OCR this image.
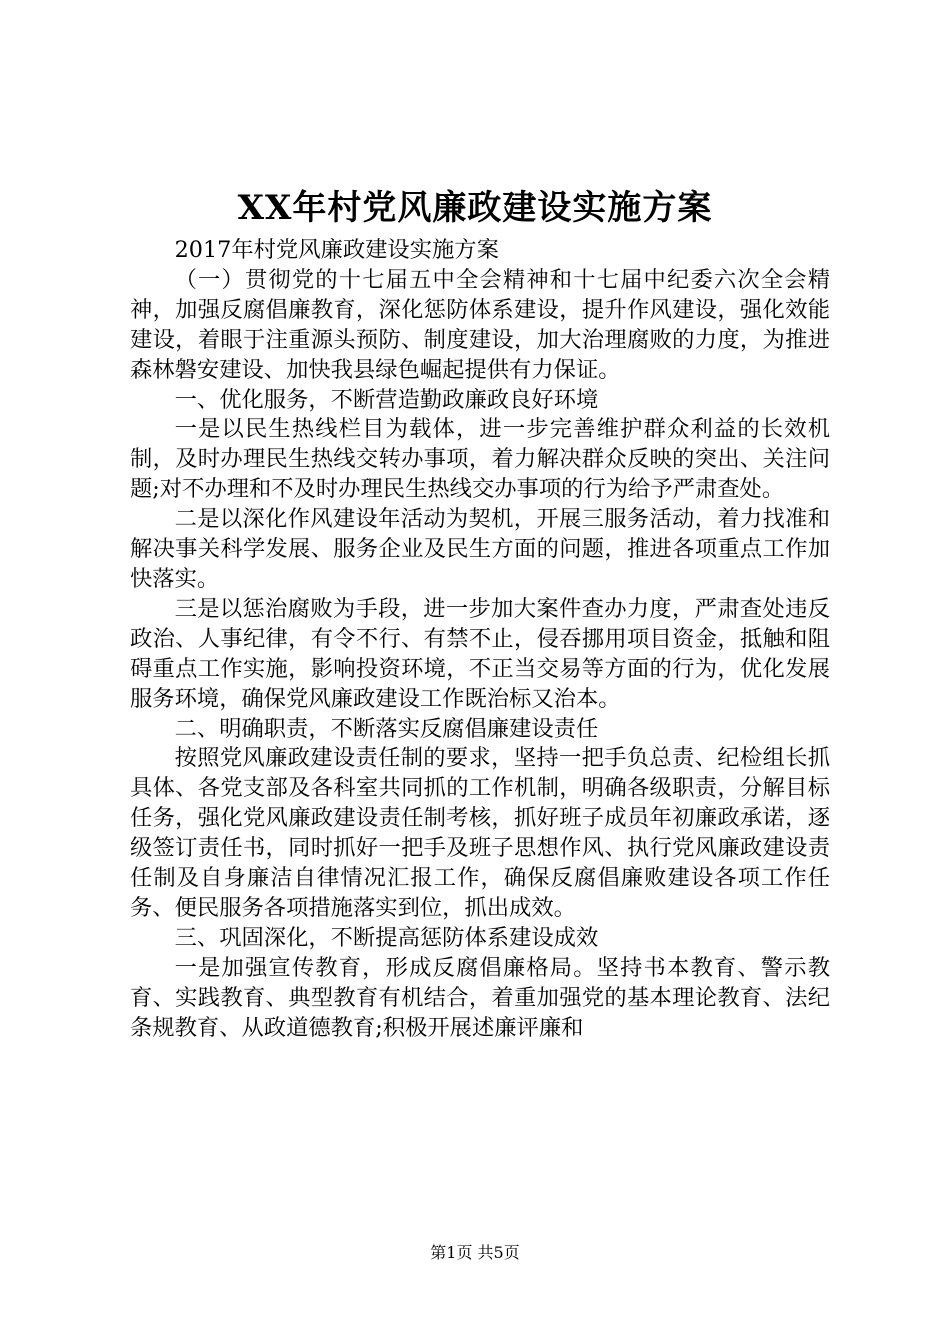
XX年村党风廉政建设实施方案

2017年村党风廉政建设实施方案

（一）贯彻党的十七届五中全会精神和十七届中纪委六次全会精神，加强反腐倡廉教育，深化惩防体系建设，提升作风建设，强化效能建设，着眼于注重源头预防、制度建设，加大治理腐败的力度，为推进森林磐安建设、加快我县绿色崛起提供有力保证。

一、优化服务，不断营造勤政廉政良好环境

一是以民生热线栏目为载体，进一步完善维护群众利益的长效机制，及时办理民生热线交转办事项，着力解决群众反映的突出、关注问题;对不办理和不及时办理民生热线交办事项的行为给予严肃查处。

二是以深化作风建设年活动为契机，开展三服务活动，着力找准和解决事关科学发展、服务企业及民生方面的问题，推进各项重点工作加快落实。

三是以惩治腐败为手段，进一步加大案件查办力度，严肃查处违反政治、人事纪律，有令不行、有禁不止，侵吞挪用项目资金，抵触和阻碍重点工作实施，影响投资环境，不正当交易等方面的行为，优化发展服务环境，确保党风廉政建设工作既治标又治本。

二、明确职责，不断落实反腐倡廉建设责任

按照党风廉政建设责任制的要求，坚持一把手负总责、纪检组长抓具体、各党支部及各科室共同抓的工作机制，明确各级职责，分解目标任务，强化党风廉政建设责任制考核，抓好班子成员年初廉政承诺，逐级签订责任书，同时抓好一把手及班子思想作风、执行党风廉政建设责任制及自身廉洁自律情况汇报工作，确保反腐倡廉败建设各项工作任务、便民服务各项措施落实到位，抓出成效。

三、巩固深化，不断提高惩防体系建设成效

一是加强宣传教育，形成反腐倡廉格局。坚持书本教育、警示教育、实践教育、典型教育有机结合，着重加强党的基本理论教育、法纪条规教育、从政道德教育;积极开展述廉评廉和

第1页 共5页
